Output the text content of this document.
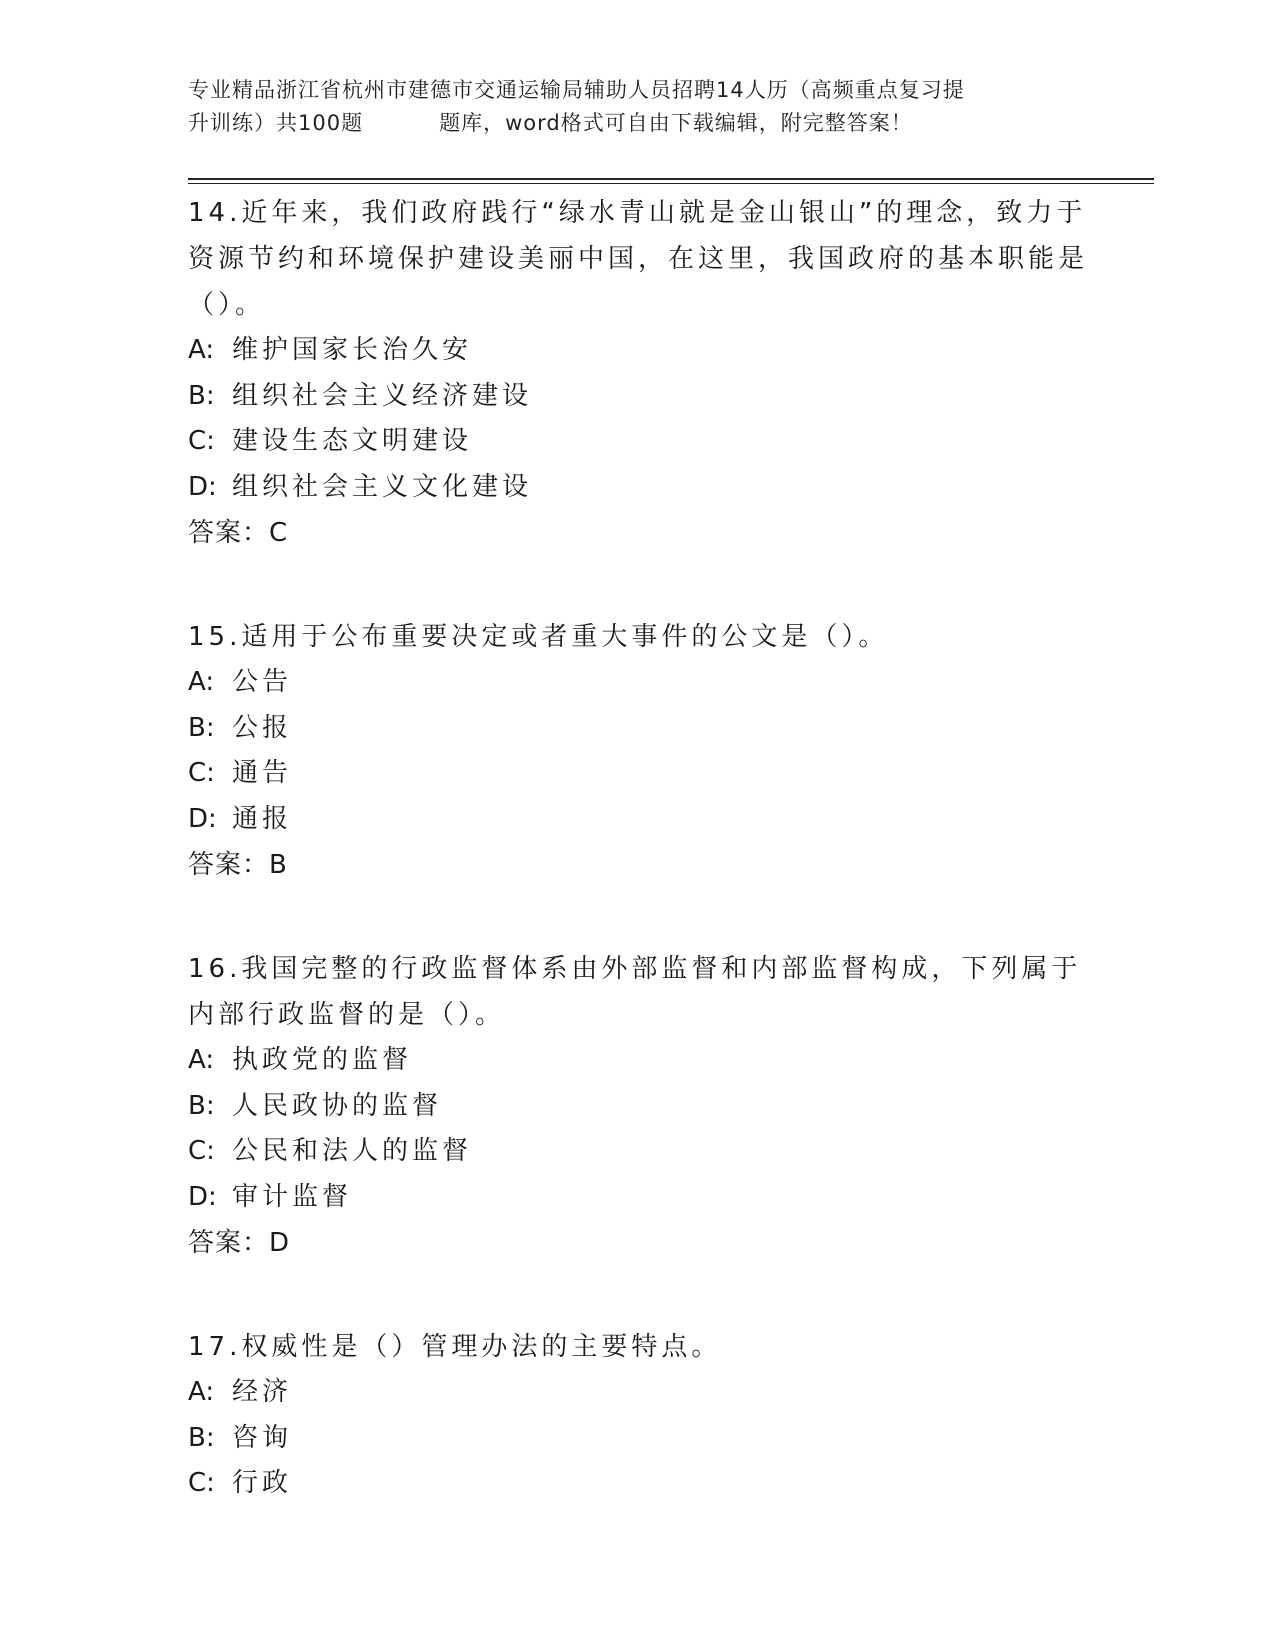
专业精品浙江省杭州市建德市交通运输局辅助人员招聘14人历（高频重点复习提
升训练）共100题	题库，word格式可自由下载编辑，附完整答案！

14.近年来，我们政府践行“绿水青山就是金山银山”的理念，致力于资源节约和环境保护建设美丽中国，在这里，我国政府的基本职能是（）。

A: 维护国家长治久安

B: 组织社会主义经济建设

C: 建设生态文明建设

D: 组织社会主义文化建设

答案：C

15.适用于公布重要决定或者重大事件的公文是（）。

A: 公告

B: 公报

C: 通告

D: 通报

答案：B

16.我国完整的行政监督体系由外部监督和内部监督构成，下列属于内部行政监督的是（）。

A: 执政党的监督

B: 人民政协的监督

C: 公民和法人的监督

D: 审计监督

答案：D

17.权威性是（）管理办法的主要特点。

A: 经济

B: 咨询

C: 行政
